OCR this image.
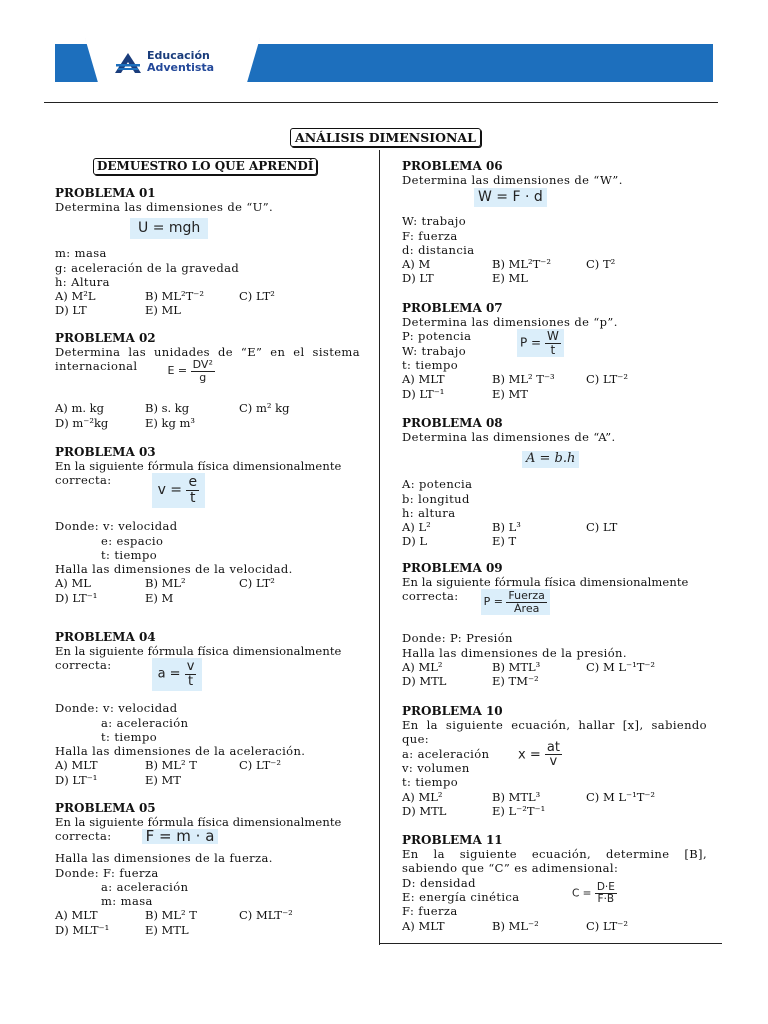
Educación
Adventista
ANÁLISIS DIMENSIONAL
DEMUESTRO LO QUE APRENDÍ
PROBLEMA 01
Determina las dimensiones de “U”.
U = mgh
m: masa
g: aceleración de la gravedad
h: Altura
A) M²L	B) ML²T⁻²	C) LT²
D) LT	E) ML
PROBLEMA 02
Determina las unidades de “E” en el sistema
internacional	$E = \frac{\text{DV²}}{g}$
A) m. kg	B) s. kg	C) m² kg
D) m⁻²kg	E) kg m³
PROBLEMA 03
En la siguiente fórmula física dimensionalmente
correcta:
$v = \frac{e}{t}$
Donde: v: velocidad
e: espacio
t: tiempo
Halla las dimensiones de la velocidad.
A) ML	B) ML²	C) LT²
D) LT⁻¹	E) M
PROBLEMA 04
En la siguiente fórmula física dimensionalmente
correcta:
$a = \frac{v}{t}$
Donde: v: velocidad
a: aceleración
t: tiempo
Halla las dimensiones de la aceleración.
A) MLT	B) ML² T	C) LT⁻²
D) LT⁻¹	E) MT
PROBLEMA 05
En la siguiente fórmula física dimensionalmente
correcta: F = m · a
Halla las dimensiones de la fuerza.
Donde: F: fuerza
a: aceleración
m: masa
A) MLT	B) ML² T	C) MLT⁻²
D) MLT⁻¹	E) MTL
PROBLEMA 06
Determina las dimensiones de “W”.
W = F · d
W: trabajo
F: fuerza
d: distancia
A) M	B) ML²T⁻²	C) T²
D) LT	E) ML
PROBLEMA 07
Determina las dimensiones de “p”.
P: potencia
W: trabajo
t: tiempo
$P = \frac{W}{t}$
A) MLT	B) ML² T⁻³	C) LT⁻²
D) LT⁻¹	E) MT
PROBLEMA 08
Determina las dimensiones de “A”.
A = b.h
A: potencia
b: longitud
h: altura
A) L²	B) L³	C) LT
D) L	E) T
PROBLEMA 09
En la siguiente fórmula física dimensionalmente
correcta: $P = \frac{\text{Fuerza}}{\text{Área}}$
Donde: P: Presión
Halla las dimensiones de la presión.
A) ML²	B) MTL³	C) M L⁻¹T⁻²
D) MTL	E) TM⁻²
PROBLEMA 10
En la siguiente ecuación, hallar [x], sabiendo
que:
a: aceleración
v: volumen
t: tiempo
$x = \frac{at}{v}$
A) ML²	B) MTL³	C) M L⁻¹T⁻²
D) MTL	E) L⁻²T⁻¹
PROBLEMA 11
En la siguiente ecuación, determine [B],
sabiendo que “C” es adimensional:
D: densidad
E: energía cinética
F: fuerza
$C = \frac{D\cdot E}{F\cdot B}$
A) MLT	B) ML⁻²	C) LT⁻²
